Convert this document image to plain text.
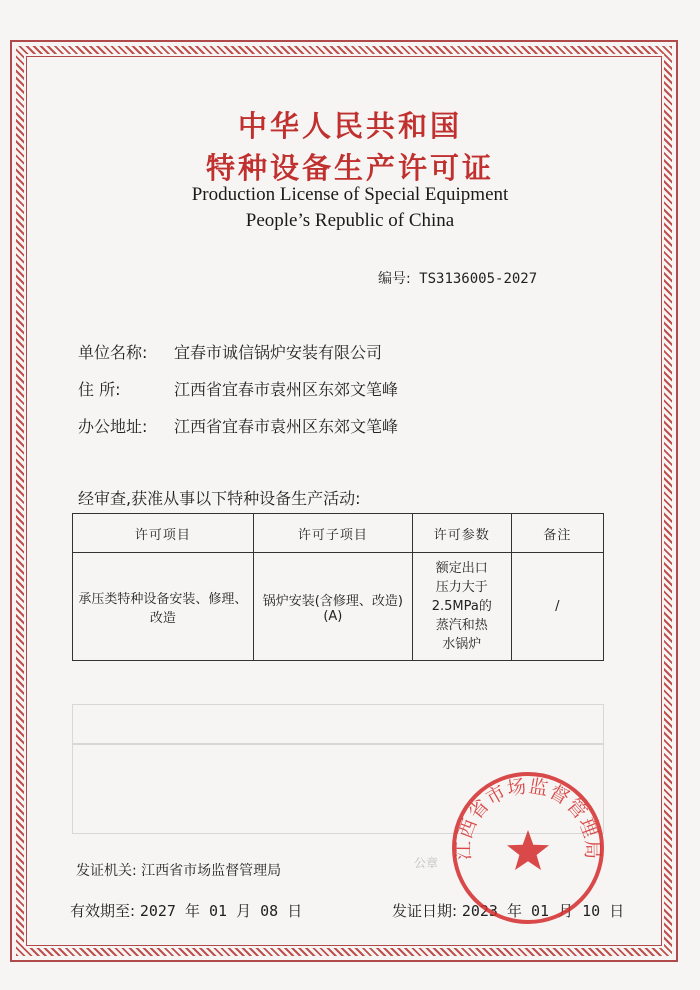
中华人民共和国
特种设备生产许可证
Production License of Special Equipment
People’s Republic of China
编号: TS3136005-2027
单位名称: 宜春市诚信锅炉安装有限公司
住 所:	江西省宜春市袁州区东郊文笔峰
办公地址: 江西省宜春市袁州区东郊文笔峰
经审查,获准从事以下特种设备生产活动:
许可项目	许可子项目	许可参数	备注
承压类特种设备安装、修理、改造	锅炉安装(含修理、改造)(A)	额定出口
压力大于
2.5MPa的
蒸汽和热
水锅炉	/
发证机关: 江西省市场监督管理局	公章
有效期至: 2027 年 01 月 08 日	发证日期: 2023 年 01 月 10 日
江西省市场监督管理局
